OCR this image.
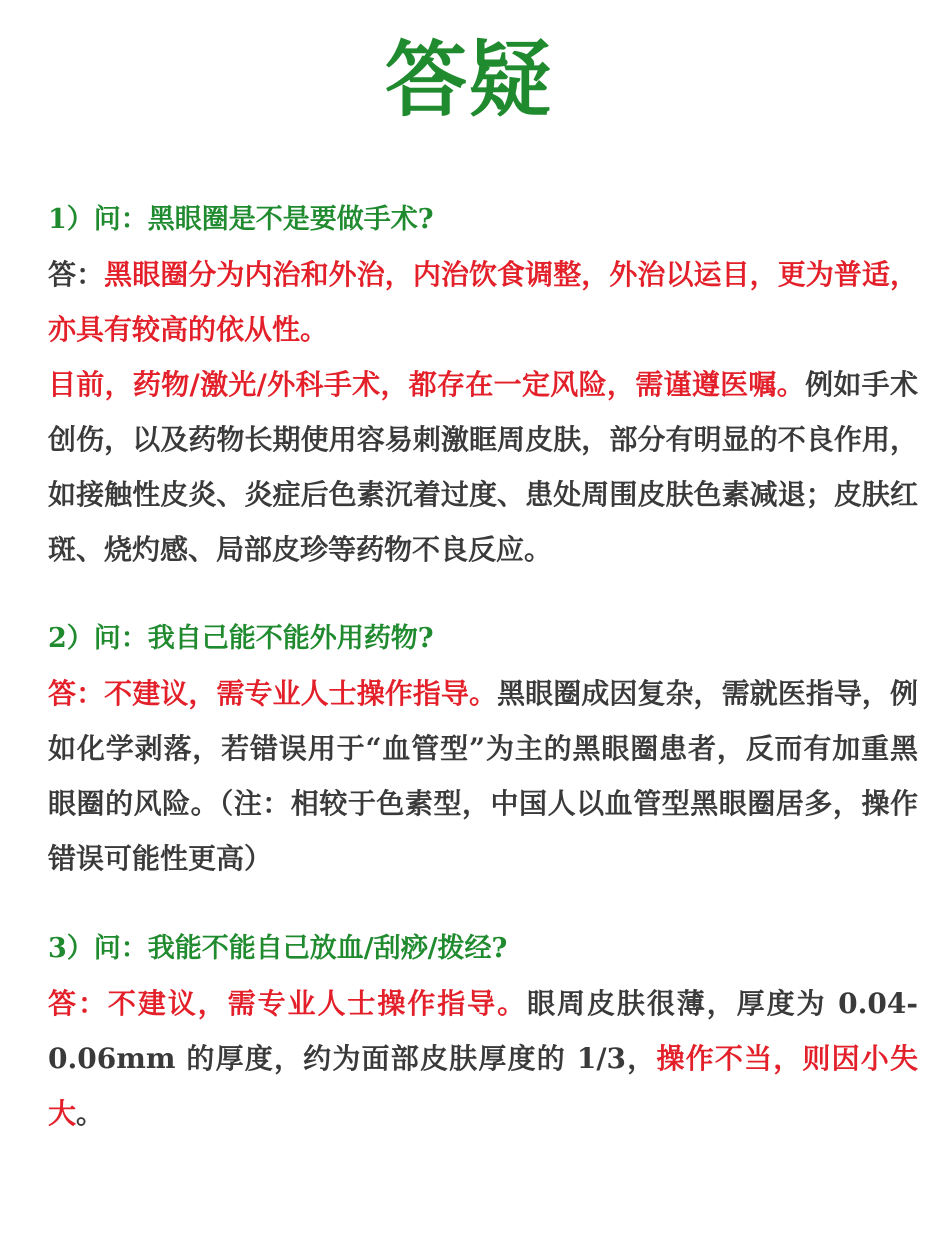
答疑

1）问：黑眼圈是不是要做手术?

答：黑眼圈分为内治和外治，内治饮食调整，外治以运目，更为普适，亦具有较高的依从性。

目前，药物/激光/外科手术，都存在一定风险，需谨遵医嘱。例如手术创伤，以及药物长期使用容易刺激眶周皮肤，部分有明显的不良作用，如接触性皮炎、炎症后色素沉着过度、患处周围皮肤色素减退；皮肤红斑、烧灼感、局部皮珍等药物不良反应。

2）问：我自己能不能外用药物?

答：不建议，需专业人士操作指导。黑眼圈成因复杂，需就医指导，例如化学剥落，若错误用于“血管型”为主的黑眼圈患者，反而有加重黑眼圈的风险。（注：相较于色素型，中国人以血管型黑眼圈居多，操作错误可能性更高）

3）问：我能不能自己放血/刮痧/拨经?

答：不建议，需专业人士操作指导。眼周皮肤很薄，厚度为 0.04-0.06mm 的厚度，约为面部皮肤厚度的 1/3，操作不当，则因小失大。
